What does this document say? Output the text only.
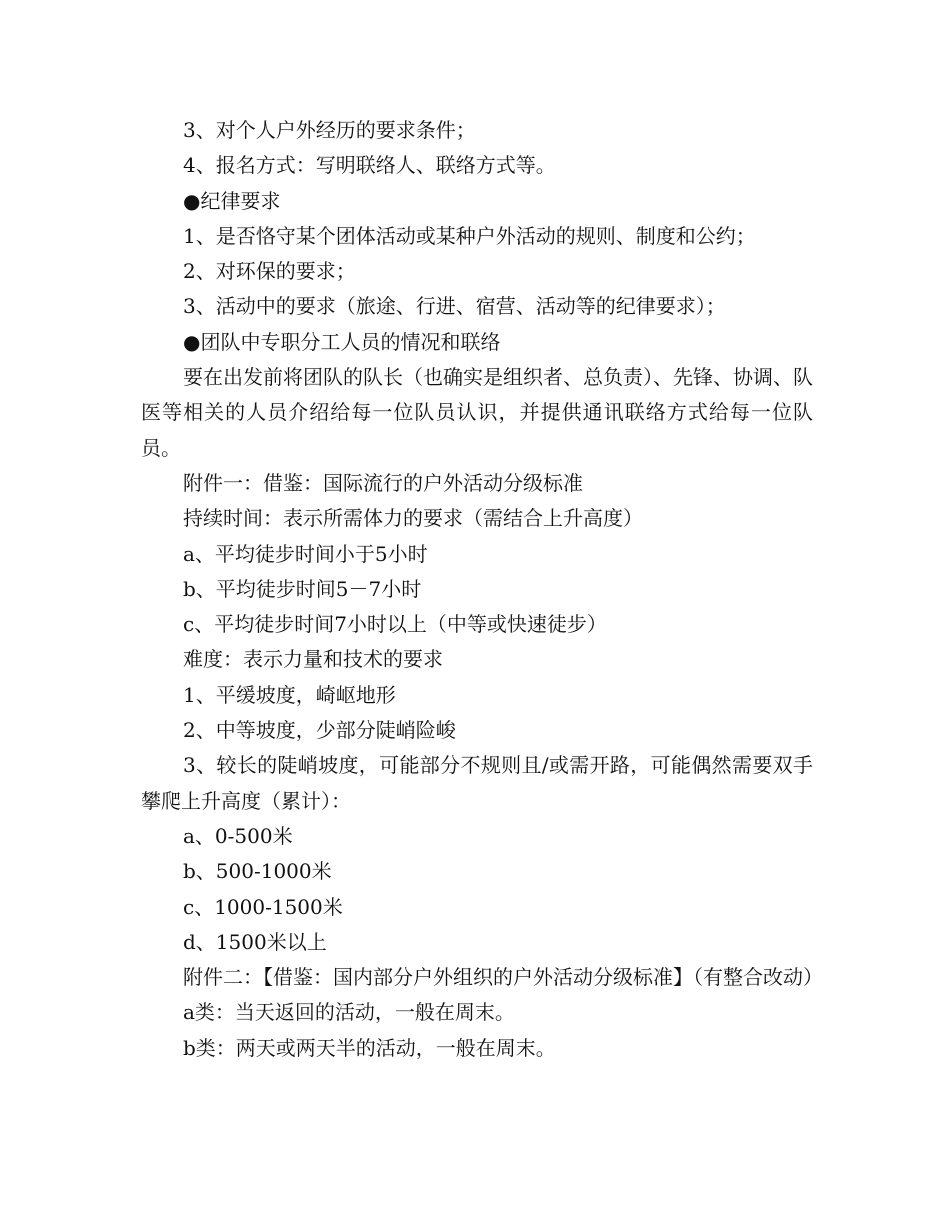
3、对个人户外经历的要求条件；

4、报名方式：写明联络人、联络方式等。

●纪律要求

1、是否恪守某个团体活动或某种户外活动的规则、制度和公约；

2、对环保的要求；

3、活动中的要求（旅途、行进、宿营、活动等的纪律要求）；

●团队中专职分工人员的情况和联络

要在出发前将团队的队长（也确实是组织者、总负责）、先锋、协调、队医等相关的人员介绍给每一位队员认识，并提供通讯联络方式给每一位队员。

附件一：借鉴：国际流行的户外活动分级标准

持续时间：表示所需体力的要求（需结合上升高度）

a、平均徒步时间小于5小时

b、平均徒步时间5－7小时

c、平均徒步时间7小时以上（中等或快速徒步）

难度：表示力量和技术的要求

1、平缓坡度，崎岖地形

2、中等坡度，少部分陡峭险峻

3、较长的陡峭坡度，可能部分不规则且/或需开路，可能偶然需要双手攀爬上升高度（累计）：

a、0-500米

b、500-1000米

c、1000-1500米

d、1500米以上

附件二：【借鉴：国内部分户外组织的户外活动分级标准】（有整合改动）

a类：当天返回的活动，一般在周末。

b类：两天或两天半的活动，一般在周末。
